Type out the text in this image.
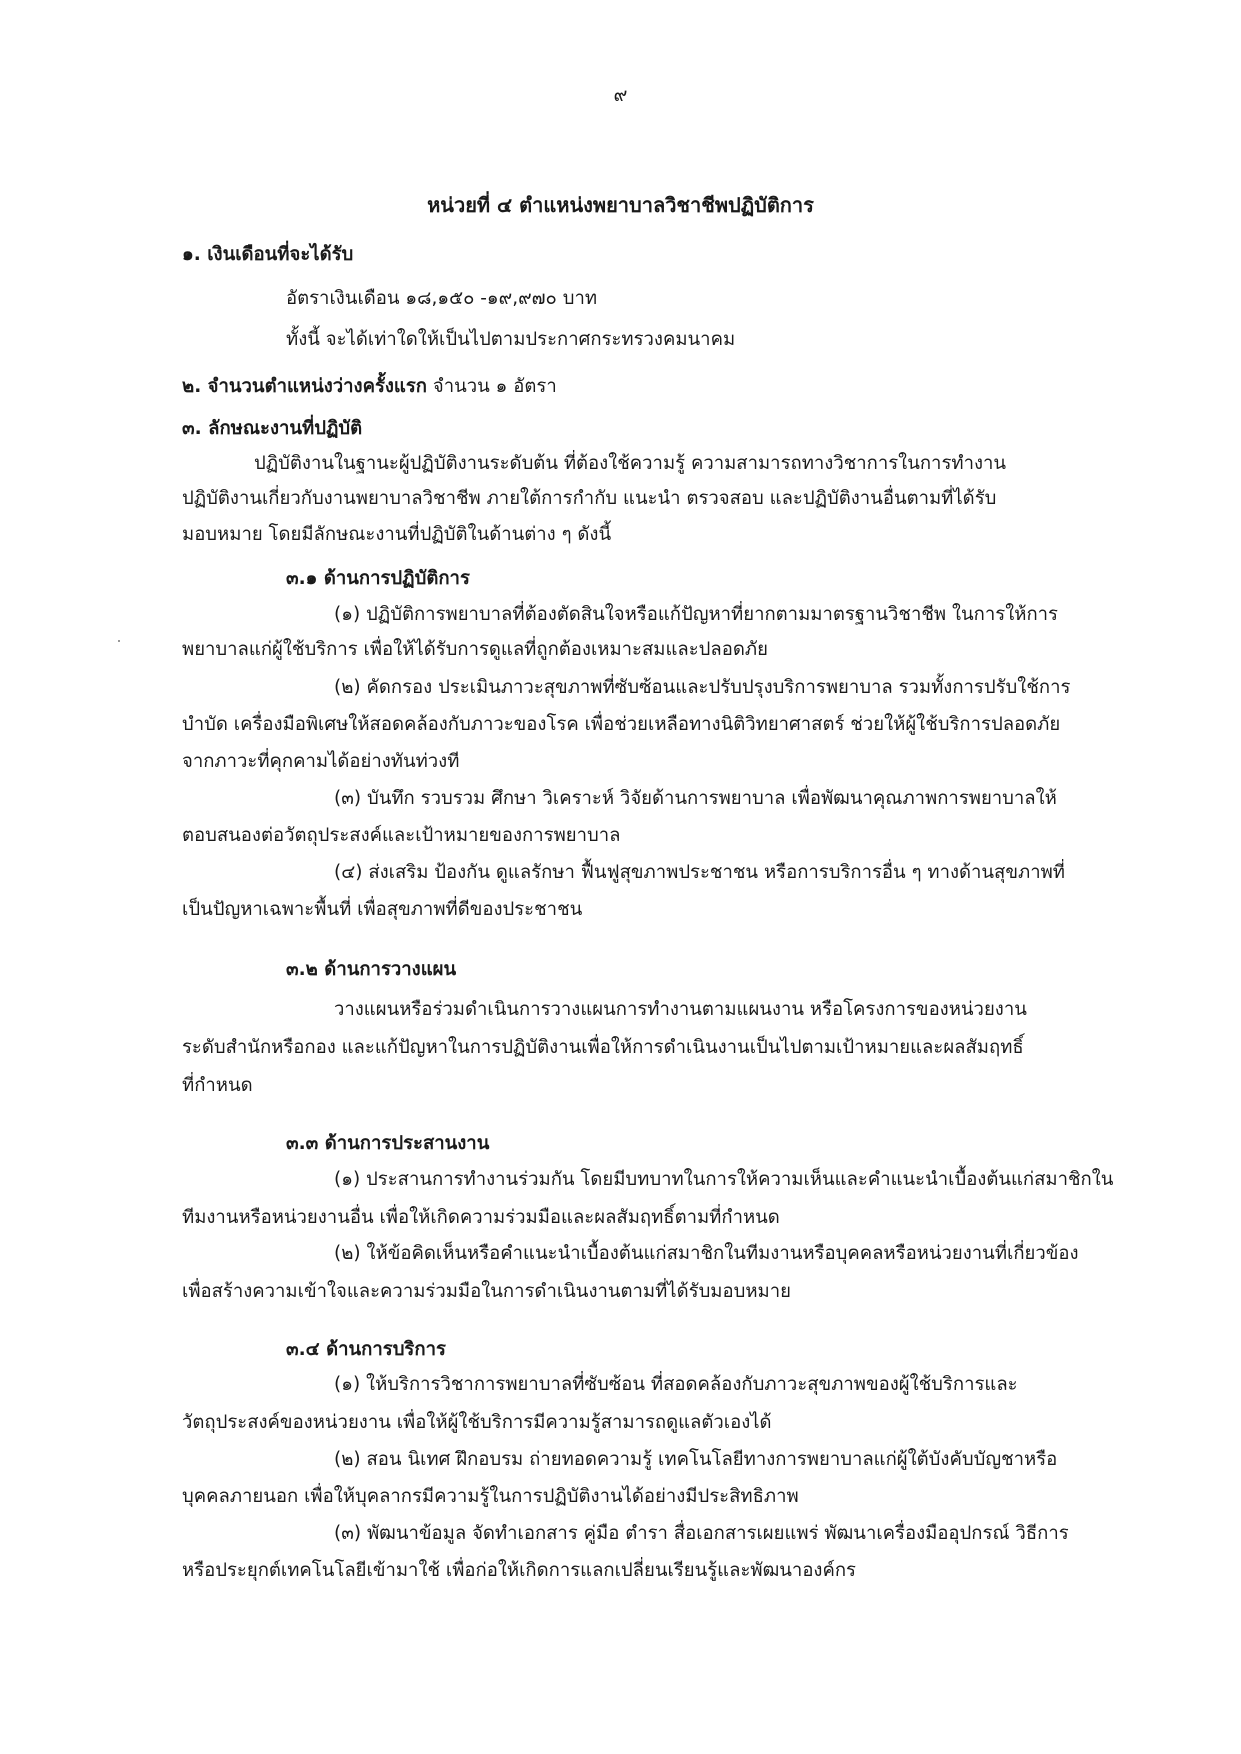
๙
หน่วยที่ ๔ ตำแหน่งพยาบาลวิชาชีพปฏิบัติการ
๑. เงินเดือนที่จะได้รับ
อัตราเงินเดือน ๑๘,๑๕๐ -๑๙,๙๗๐ บาท
ทั้งนี้ จะได้เท่าใดให้เป็นไปตามประกาศกระทรวงคมนาคม
๒. จำนวนตำแหน่งว่างครั้งแรก จำนวน ๑ อัตรา
๓. ลักษณะงานที่ปฏิบัติ
ปฏิบัติงานในฐานะผู้ปฏิบัติงานระดับต้น ที่ต้องใช้ความรู้ ความสามารถทางวิชาการในการทำงาน
ปฏิบัติงานเกี่ยวกับงานพยาบาลวิชาชีพ ภายใต้การกำกับ แนะนำ ตรวจสอบ และปฏิบัติงานอื่นตามที่ได้รับ
มอบหมาย โดยมีลักษณะงานที่ปฏิบัติในด้านต่าง ๆ ดังนี้
๓.๑ ด้านการปฏิบัติการ
(๑) ปฏิบัติการพยาบาลที่ต้องตัดสินใจหรือแก้ปัญหาที่ยากตามมาตรฐานวิชาชีพ ในการให้การ
พยาบาลแก่ผู้ใช้บริการ เพื่อให้ได้รับการดูแลที่ถูกต้องเหมาะสมและปลอดภัย
(๒) คัดกรอง ประเมินภาวะสุขภาพที่ซับซ้อนและปรับปรุงบริการพยาบาล รวมทั้งการปรับใช้การ
บำบัด เครื่องมือพิเศษให้สอดคล้องกับภาวะของโรค เพื่อช่วยเหลือทางนิติวิทยาศาสตร์ ช่วยให้ผู้ใช้บริการปลอดภัย
จากภาวะที่คุกคามได้อย่างทันท่วงที
(๓) บันทึก รวบรวม ศึกษา วิเคราะห์ วิจัยด้านการพยาบาล เพื่อพัฒนาคุณภาพการพยาบาลให้
ตอบสนองต่อวัตถุประสงค์และเป้าหมายของการพยาบาล
(๔) ส่งเสริม ป้องกัน ดูแลรักษา ฟื้นฟูสุขภาพประชาชน หรือการบริการอื่น ๆ ทางด้านสุขภาพที่
เป็นปัญหาเฉพาะพื้นที่ เพื่อสุขภาพที่ดีของประชาชน
๓.๒ ด้านการวางแผน
วางแผนหรือร่วมดำเนินการวางแผนการทำงานตามแผนงาน หรือโครงการของหน่วยงาน
ระดับสำนักหรือกอง และแก้ปัญหาในการปฏิบัติงานเพื่อให้การดำเนินงานเป็นไปตามเป้าหมายและผลสัมฤทธิ์
ที่กำหนด
๓.๓ ด้านการประสานงาน
(๑) ประสานการทำงานร่วมกัน โดยมีบทบาทในการให้ความเห็นและคำแนะนำเบื้องต้นแก่สมาชิกใน
ทีมงานหรือหน่วยงานอื่น เพื่อให้เกิดความร่วมมือและผลสัมฤทธิ์ตามที่กำหนด
(๒) ให้ข้อคิดเห็นหรือคำแนะนำเบื้องต้นแก่สมาชิกในทีมงานหรือบุคคลหรือหน่วยงานที่เกี่ยวข้อง
เพื่อสร้างความเข้าใจและความร่วมมือในการดำเนินงานตามที่ได้รับมอบหมาย
๓.๔ ด้านการบริการ
(๑) ให้บริการวิชาการพยาบาลที่ซับซ้อน ที่สอดคล้องกับภาวะสุขภาพของผู้ใช้บริการและ
วัตถุประสงค์ของหน่วยงาน เพื่อให้ผู้ใช้บริการมีความรู้สามารถดูแลตัวเองได้
(๒) สอน นิเทศ ฝึกอบรม ถ่ายทอดความรู้ เทคโนโลยีทางการพยาบาลแก่ผู้ใต้บังคับบัญชาหรือ
บุคคลภายนอก เพื่อให้บุคลากรมีความรู้ในการปฏิบัติงานได้อย่างมีประสิทธิภาพ
(๓) พัฒนาข้อมูล จัดทำเอกสาร คู่มือ ตำรา สื่อเอกสารเผยแพร่ พัฒนาเครื่องมืออุปกรณ์ วิธีการ
หรือประยุกต์เทคโนโลยีเข้ามาใช้ เพื่อก่อให้เกิดการแลกเปลี่ยนเรียนรู้และพัฒนาองค์กร
